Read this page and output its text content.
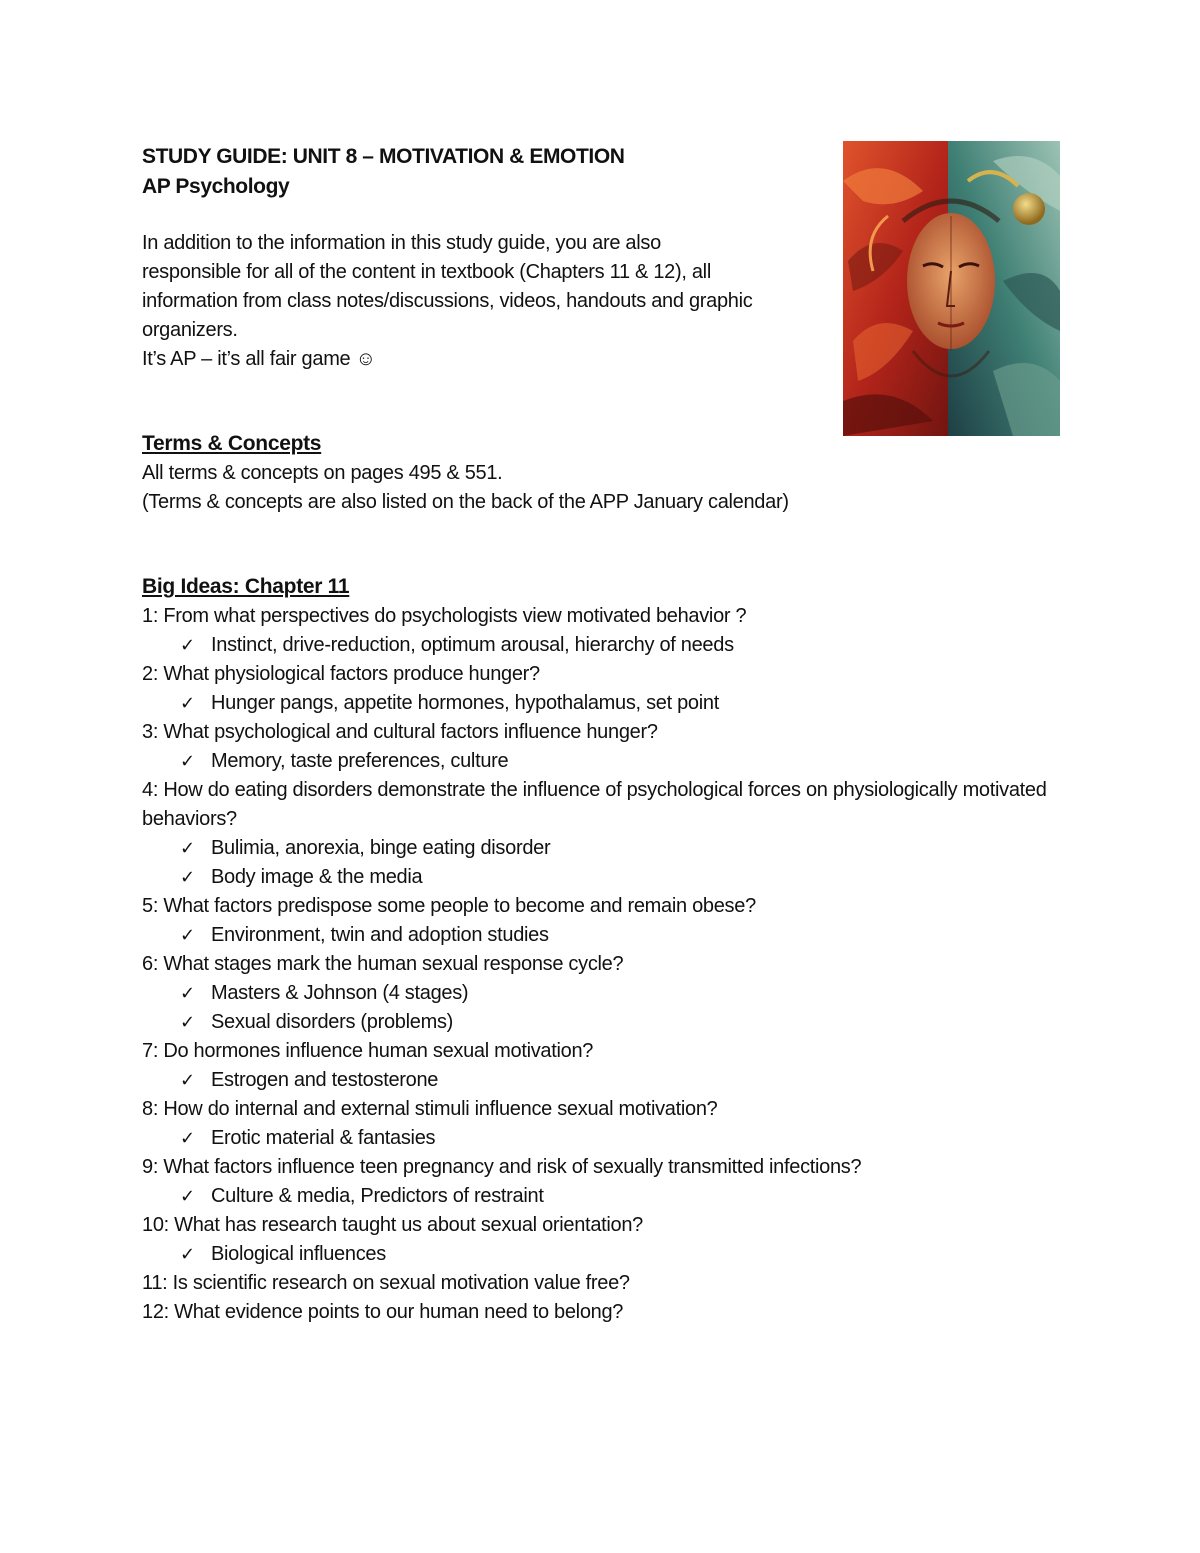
STUDY GUIDE: UNIT 8 – MOTIVATION & EMOTION
AP Psychology

In addition to the information in this study guide, you are also

responsible for all of the content in textbook (Chapters 11 & 12), all

information from class notes/discussions, videos, handouts and graphic

organizers.

It’s AP – it’s all fair game ☺

Terms & Concepts
All terms & concepts on pages 495 & 551.
(Terms & concepts are also listed on the back of the APP January calendar)
Big Ideas: Chapter 11
1: From what perspectives do psychologists view motivated behavior ?
✓ Instinct, drive-reduction, optimum arousal, hierarchy of needs
2: What physiological factors produce hunger?
✓ Hunger pangs, appetite hormones, hypothalamus, set point
3: What psychological and cultural factors influence hunger?
✓ Memory, taste preferences, culture
4: How do eating disorders demonstrate the influence of psychological forces on physiologically motivated behaviors?
✓ Bulimia, anorexia, binge eating disorder
✓ Body image & the media
5: What factors predispose some people to become and remain obese?
✓ Environment, twin and adoption studies
6: What stages mark the human sexual response cycle?
✓ Masters & Johnson (4 stages)
✓ Sexual disorders (problems)
7: Do hormones influence human sexual motivation?
✓ Estrogen and testosterone
8: How do internal and external stimuli influence sexual motivation?
✓ Erotic material & fantasies
9: What factors influence teen pregnancy and risk of sexually transmitted infections?
✓ Culture & media, Predictors of restraint
10: What has research taught us about sexual orientation?
✓ Biological influences
11: Is scientific research on sexual motivation value free?
12: What evidence points to our human need to belong?
